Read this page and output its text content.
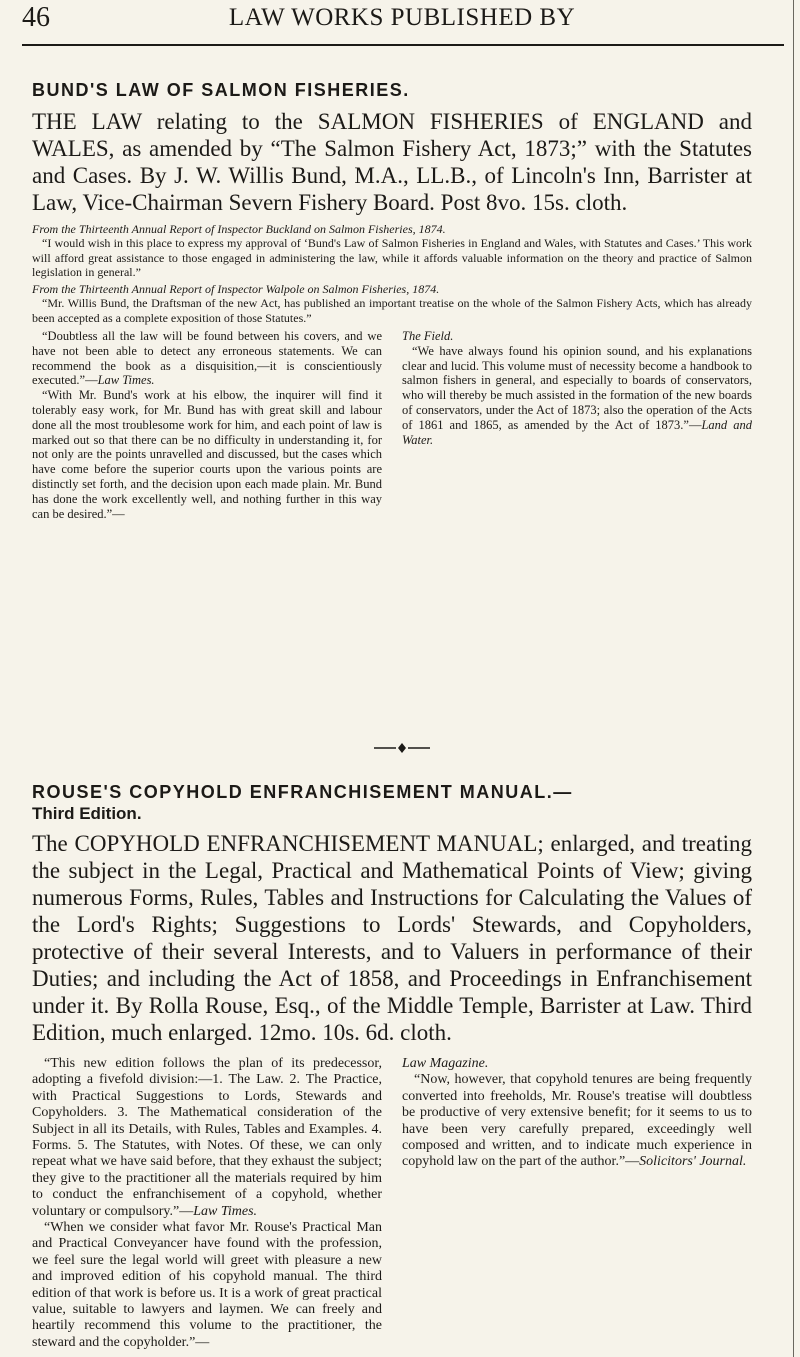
46	LAW WORKS PUBLISHED BY
BUND'S LAW OF SALMON FISHERIES.

THE LAW relating to the SALMON FISHERIES of ENGLAND and WALES, as amended by “The Salmon Fishery Act, 1873;” with the Statutes and Cases. By J. W. Willis Bund, M.A., LL.B., of Lincoln's Inn, Barrister at Law, Vice-Chairman Severn Fishery Board. Post 8vo. 15s. cloth.

From the Thirteenth Annual Report of Inspector Buckland on Salmon Fisheries, 1874.

“I would wish in this place to express my approval of ‘Bund's Law of Salmon Fisheries in England and Wales, with Statutes and Cases.’ This work will afford great assistance to those engaged in administering the law, while it affords valuable information on the theory and practice of Salmon legislation in general.”

From the Thirteenth Annual Report of Inspector Walpole on Salmon Fisheries, 1874.

“Mr. Willis Bund, the Draftsman of the new Act, has published an important treatise on the whole of the Salmon Fishery Acts, which has already been accepted as a complete exposition of those Statutes.”

“Doubtless all the law will be found between his covers, and we have not been able to detect any erroneous statements. We can recommend the book as a disquisition,—it is conscientiously executed.”—Law Times.

“With Mr. Bund's work at his elbow, the inquirer will find it tolerably easy work, for Mr. Bund has with great skill and labour done all the most troublesome work for him, and each point of law is marked out so that there can be no difficulty in understanding it, for not only are the points unravelled and discussed, but the cases which have come before the superior courts upon the various points are distinctly set forth, and the decision upon each made plain. Mr. Bund has done the work excellently well, and nothing further in this way can be desired.”—

The Field.

“We have always found his opinion sound, and his explanations clear and lucid. This volume must of necessity become a handbook to salmon fishers in general, and especially to boards of conservators, who will thereby be much assisted in the formation of the new boards of conservators, under the Act of 1873; also the operation of the Acts of 1861 and 1865, as amended by the Act of 1873.”—Land and Water.

ROUSE'S COPYHOLD ENFRANCHISEMENT MANUAL.—
Third Edition.

The COPYHOLD ENFRANCHISEMENT MANUAL; enlarged, and treating the subject in the Legal, Practical and Mathematical Points of View; giving numerous Forms, Rules, Tables and Instructions for Calculating the Values of the Lord's Rights; Suggestions to Lords' Stewards, and Copyholders, protective of their several Interests, and to Valuers in performance of their Duties; and including the Act of 1858, and Proceedings in Enfranchisement under it. By Rolla Rouse, Esq., of the Middle Temple, Barrister at Law. Third Edition, much enlarged. 12mo. 10s. 6d. cloth.

“This new edition follows the plan of its predecessor, adopting a fivefold division:—1. The Law. 2. The Practice, with Practical Suggestions to Lords, Stewards and Copyholders. 3. The Mathematical consideration of the Subject in all its Details, with Rules, Tables and Examples. 4. Forms. 5. The Statutes, with Notes. Of these, we can only repeat what we have said before, that they exhaust the subject; they give to the practitioner all the materials required by him to conduct the enfranchisement of a copyhold, whether voluntary or compulsory.”—Law Times.

“When we consider what favor Mr. Rouse's Practical Man and Practical Conveyancer have found with the profession, we feel sure the legal world will greet with pleasure a new and improved edition of his copyhold manual. The third edition of that work is before us. It is a work of great practical value, suitable to lawyers and laymen. We can freely and heartily recommend this volume to the practitioner, the steward and the copyholder.”—

Law Magazine.

“Now, however, that copyhold tenures are being frequently converted into freeholds, Mr. Rouse's treatise will doubtless be productive of very extensive benefit; for it seems to us to have been very carefully prepared, exceedingly well composed and written, and to indicate much experience in copyhold law on the part of the author.”—Solicitors' Journal.
